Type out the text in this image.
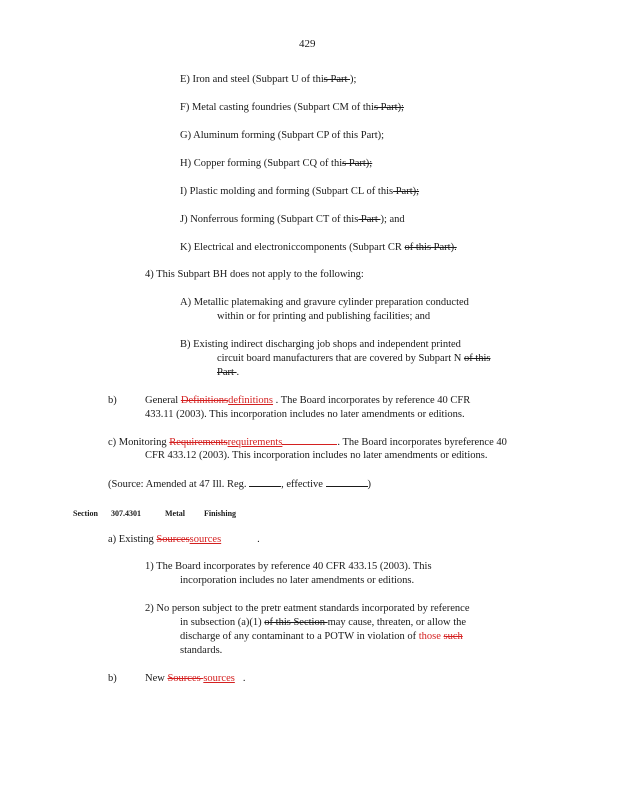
429
E) Iron and steel (Subpart U of this Part );
F) Metal casting foundries (Subpart CM of this Part);
G) Aluminum forming (Subpart CP of this Part);
H) Copper forming (Subpart CQ of this Part);
I) Plastic molding and forming (Subpart CL of this Part);
J) Nonferrous forming (Subpart CT of this Part ); and
K) Electrical and electroniccomponents (Subpart CR of this Part).
4) This Subpart BH does not apply to the following:
A) Metallic platemaking and gravure cylinder preparation conducted
within or for printing and publishing facilities; and
B) Existing indirect discharging job shops and independent printed
circuit board manufacturers that are covered by Subpart N of this
Part .
b)	General Definitionsdefinitions . The Board incorporates by reference 40 CFR
433.11 (2003). This incorporation includes no later amendments or editions.
c) Monitoring Requirementsrequirements	. The Board incorporates byreference 40
CFR 433.12 (2003). This incorporation includes no later amendments or editions.
(Source: Amended at 47 Ill. Reg.	, effective	)
Section 307.4301	Metal Finishing
a) Existing Sourcessources	.
1) The Board incorporates by reference 40 CFR 433.15 (2003). This
incorporation includes no later amendments or editions.
2) No person subject to the pretr eatment standards incorporated by reference
in subsection (a)(1) of this Section may cause, threaten, or allow the
discharge of any contaminant to a POTW in violation of those such
standards.
b)	New Sources sources .
